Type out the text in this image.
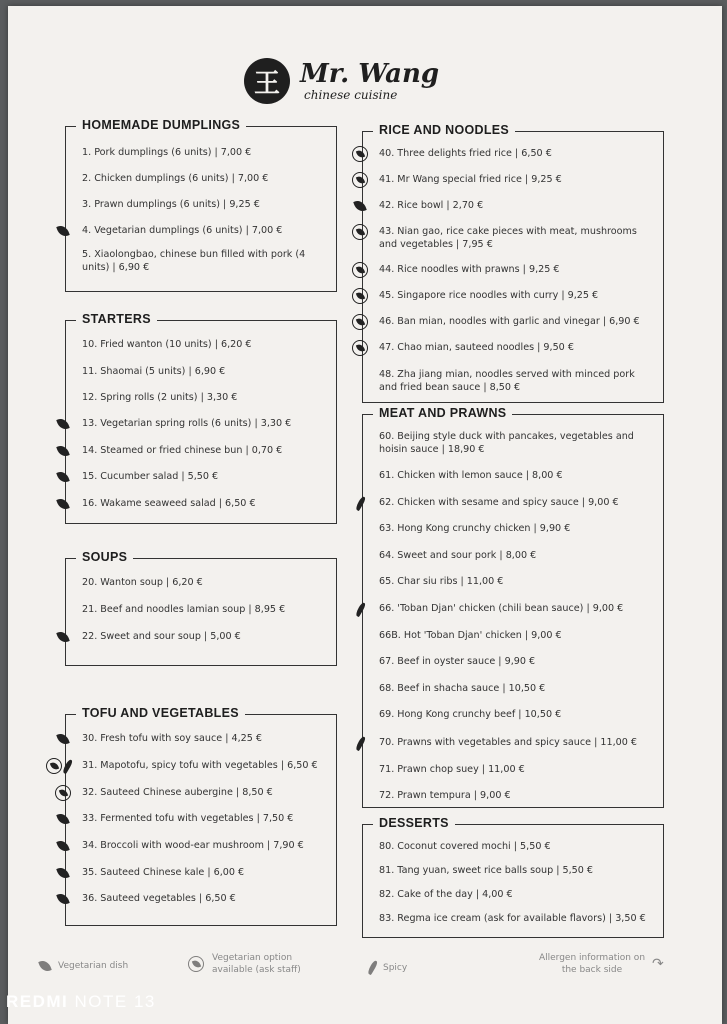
王 Mr. Wang
chinese cuisine
HOMEMADE DUMPLINGS
1. Pork dumplings (6 units) | 7,00 €
2. Chicken dumplings (6 units) | 7,00 €
3. Prawn dumplings (6 units) | 9,25 €
4. Vegetarian dumplings (6 units) | 7,00 €
5. Xiaolongbao, chinese bun filled with pork (4 units) | 6,90 €
STARTERS
10. Fried wanton (10 units) | 6,20 €
11. Shaomai (5 units) | 6,90 €
12. Spring rolls (2 units) | 3,30 €
13. Vegetarian spring rolls (6 units) | 3,30 €
14. Steamed or fried chinese bun | 0,70 €
15. Cucumber salad | 5,50 €
16. Wakame seaweed salad | 6,50 €
SOUPS
20. Wanton soup | 6,20 €
21. Beef and noodles lamian soup | 8,95 €
22. Sweet and sour soup | 5,00 €
TOFU AND VEGETABLES
30. Fresh tofu with soy sauce | 4,25 €
31. Mapotofu, spicy tofu with vegetables | 6,50 €
32. Sauteed Chinese aubergine | 8,50 €
33. Fermented tofu with vegetables | 7,50 €
34. Broccoli with wood-ear mushroom | 7,90 €
35. Sauteed Chinese kale | 6,00 €
36. Sauteed vegetables | 6,50 €
RICE AND NOODLES
40. Three delights fried rice | 6,50 €
41. Mr Wang special fried rice | 9,25 €
42. Rice bowl | 2,70 €
43. Nian gao, rice cake pieces with meat, mushrooms and vegetables | 7,95 €
44. Rice noodles with prawns | 9,25 €
45. Singapore rice noodles with curry | 9,25 €
46. Ban mian, noodles with garlic and vinegar | 6,90 €
47. Chao mian, sauteed noodles | 9,50 €
48. Zha jiang mian, noodles served with minced pork and fried bean sauce | 8,50 €
MEAT AND PRAWNS
60. Beijing style duck with pancakes, vegetables and hoisin sauce | 18,90 €
61. Chicken with lemon sauce | 8,00 €
62. Chicken with sesame and spicy sauce | 9,00 €
63. Hong Kong crunchy chicken | 9,90 €
64. Sweet and sour pork | 8,00 €
65. Char siu ribs | 11,00 €
66. 'Toban Djan' chicken (chili bean sauce) | 9,00 €
66B. Hot 'Toban Djan' chicken | 9,00 €
67. Beef in oyster sauce | 9,90 €
68. Beef in shacha sauce | 10,50 €
69. Hong Kong crunchy beef | 10,50 €
70. Prawns with vegetables and spicy sauce | 11,00 €
71. Prawn chop suey | 11,00 €
72. Prawn tempura | 9,00 €
DESSERTS
80. Coconut covered mochi | 5,50 €
81. Tang yuan, sweet rice balls soup | 5,50 €
82. Cake of the day | 4,00 €
83. Regma ice cream (ask for available flavors) | 3,50 €
Vegetarian dish
Vegetarian option available (ask staff)	Spicy
Allergen information on the back side	↷
REDMI NOTE 13
